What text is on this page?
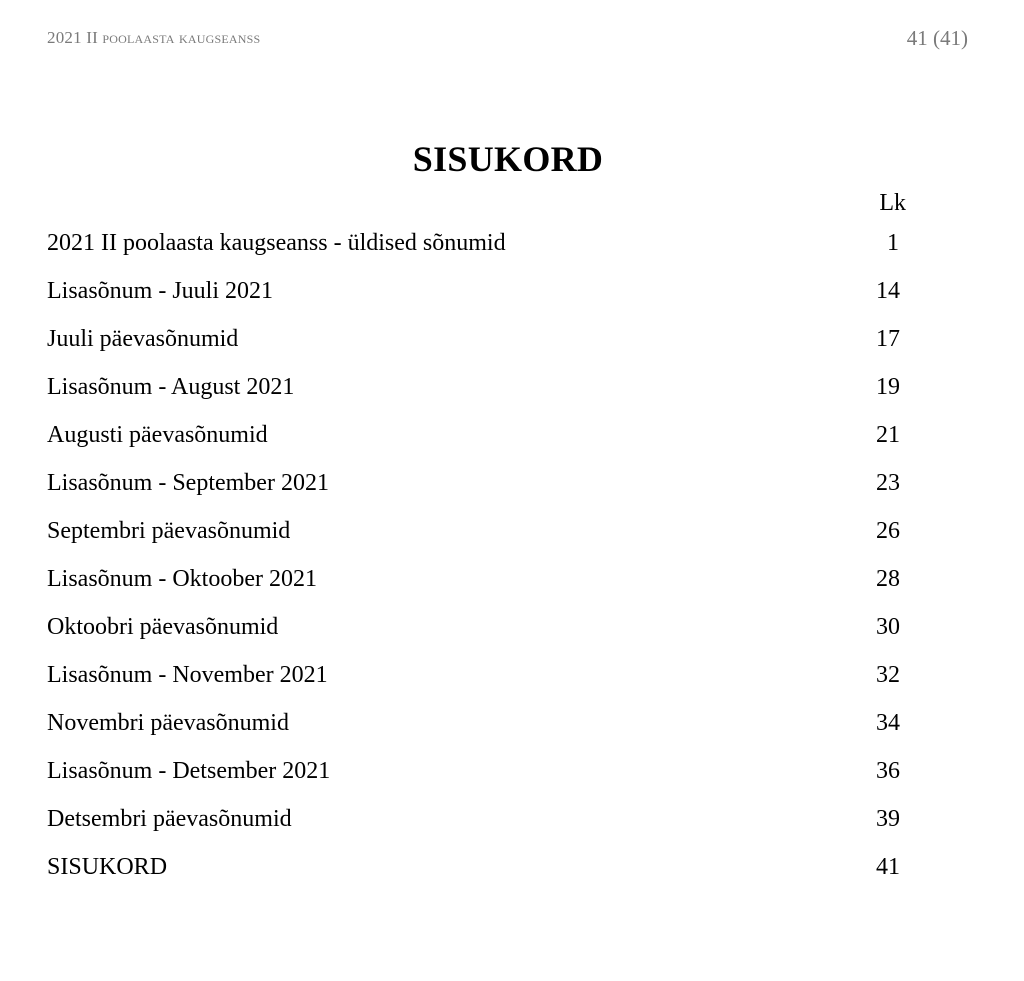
2021 II poolaasta kaugseanss	41 (41)
SISUKORD
Lk
2021 II poolaasta kaugseanss - üldised sõnumid	1
Lisasõnum - Juuli 2021	14
Juuli päevasõnumid	17
Lisasõnum - August 2021	19
Augusti päevasõnumid	21
Lisasõnum - September 2021	23
Septembri päevasõnumid	26
Lisasõnum - Oktoober 2021	28
Oktoobri päevasõnumid	30
Lisasõnum - November 2021	32
Novembri päevasõnumid	34
Lisasõnum - Detsember 2021	36
Detsembri päevasõnumid	39
SISUKORD	41
